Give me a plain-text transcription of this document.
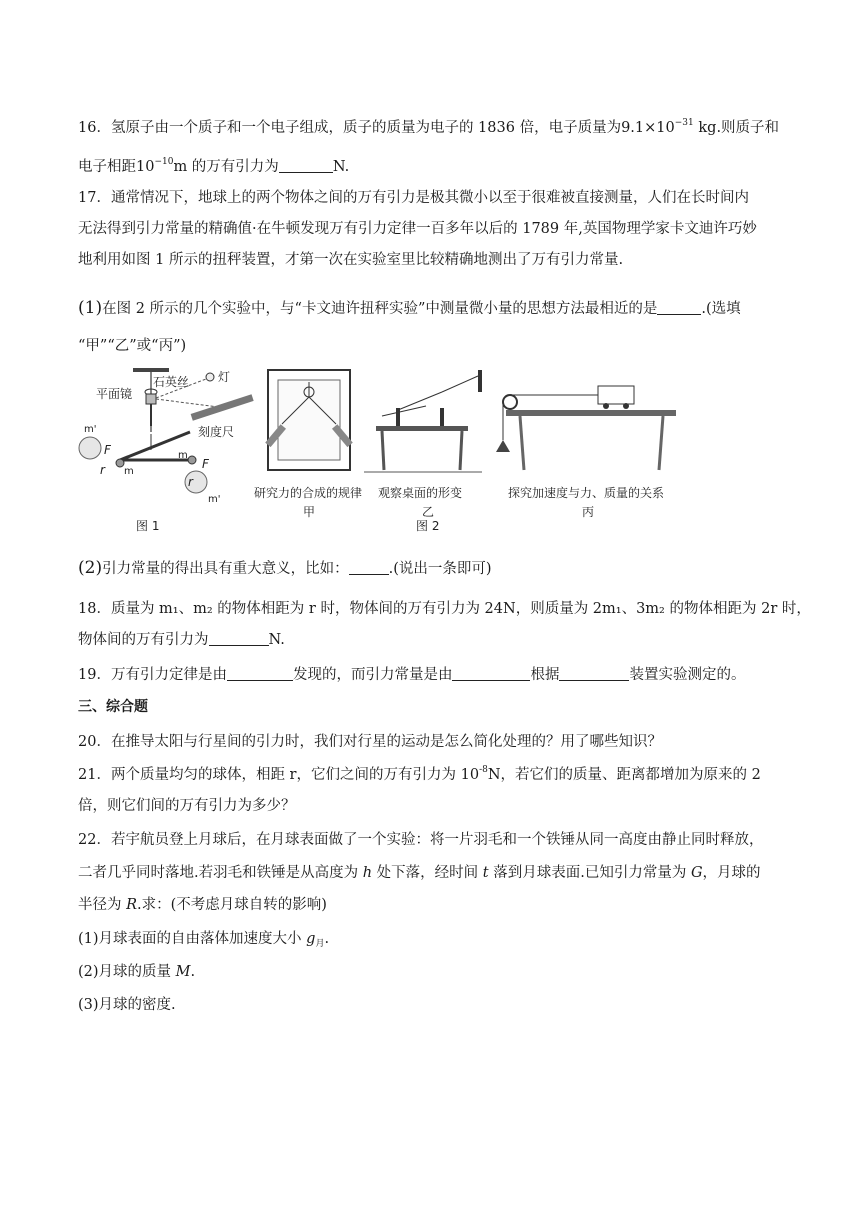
16．氢原子由一个质子和一个电子组成，质子的质量为电子的 1836 倍，电子质量为$9.1\times 10^{-31}$ kg.则质子和
电子相距$10^{-10}m$ 的万有引力为	N.
17．通常情况下，地球上的两个物体之间的万有引力是极其微小以至于很难被直接测量，人们在长时间内
无法得到引力常量的精确值·在牛顿发现万有引力定律一百多年以后的 1789 年,英国物理学家卡文迪许巧妙
地利用如图 1 所示的扭秤装置，才第一次在实验室里比较精确地测出了万有引力常量.
(1)在图 2 所示的几个实验中，与“卡文迪许扭秤实验”中测量微小量的思想方法最相近的是	.(选填
“甲”“乙”或“丙”)
石英丝
平面镜
灯
刻度尺
m'
m'
m
m
F
F
r
r
图 1
研究力的合成的规律
甲
观察桌面的形变
乙
图 2
探究加速度与力、质量的关系
丙
(2)引力常量的得出具有重大意义，比如：	.(说出一条即可)
18．质量为 m₁、m₂ 的物体相距为 r 时，物体间的万有引力为 24N，则质量为 2m₁、3m₂ 的物体相距为 2r 时，
物体间的万有引力为	N.
19．万有引力定律是由	发现的，而引力常量是由	根据	装置实验测定的。
三、综合题
20．在推导太阳与行星间的引力时，我们对行星的运动是怎么简化处理的？用了哪些知识？
21．两个质量均匀的球体，相距 r，它们之间的万有引力为 $10^{-8}N$，若它们的质量、距离都增加为原来的 2
倍，则它们间的万有引力为多少？
22．若宇航员登上月球后，在月球表面做了一个实验：将一片羽毛和一个铁锤从同一高度由静止同时释放，
二者几乎同时落地.若羽毛和铁锤是从高度为 h 处下落，经时间 t 落到月球表面.已知引力常量为 G，月球的
半径为 R.求：(不考虑月球自转的影响)
(1)月球表面的自由落体加速度大小 $g_月$.
(2)月球的质量 M.
(3)月球的密度.
